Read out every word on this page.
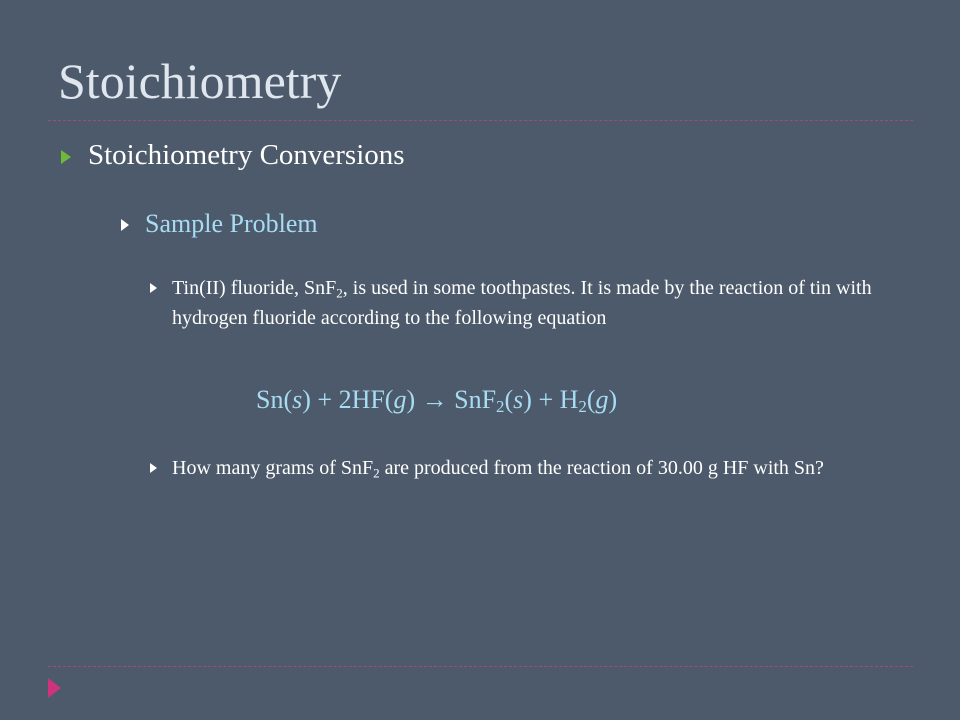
Stoichiometry
Stoichiometry Conversions
Sample Problem
Tin(II) fluoride, SnF$_2$, is used in some toothpastes. It is made by the reaction of tin with hydrogen fluoride according to the following equation
$Sn(s) + 2HF(g) \to SnF_2(s) + H_2(g)$
How many grams of SnF$_2$ are produced from the reaction of 30.00 g HF with Sn?
